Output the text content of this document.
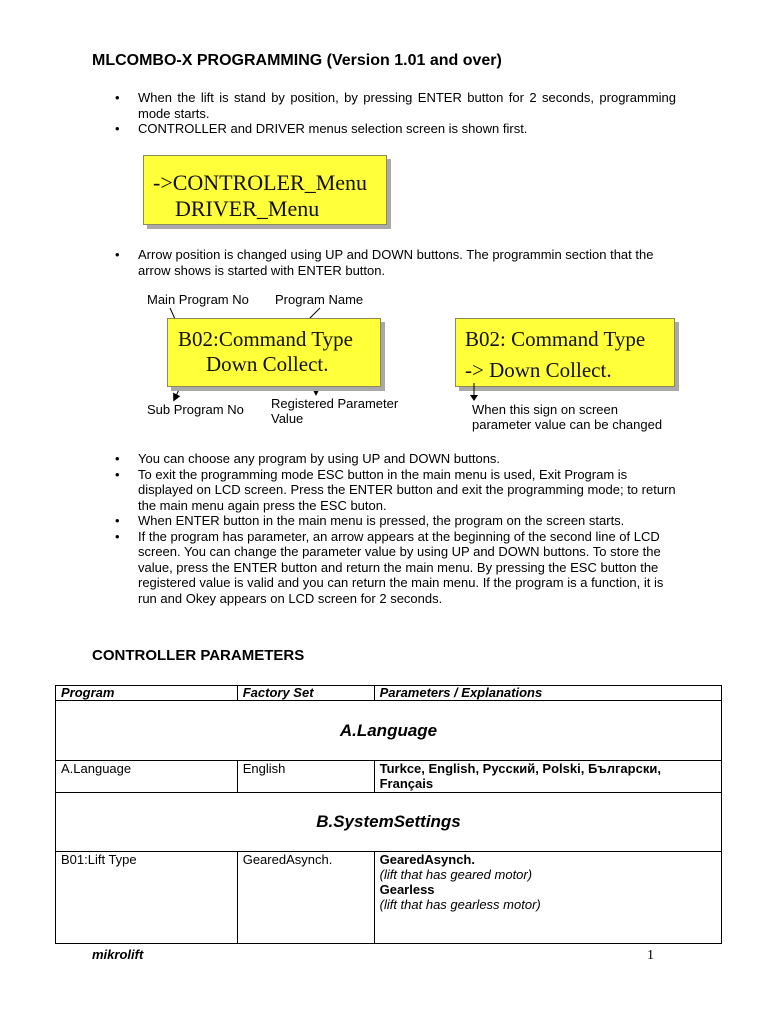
MLCOMBO-X PROGRAMMING (Version 1.01 and over)
• When the lift is stand by position, by pressing ENTER button for 2 seconds, programming mode starts.
• CONTROLLER and DRIVER menus selection screen is shown first.
->CONTROLER_Menu
DRIVER_Menu
• Arrow position is changed using UP and DOWN buttons. The programmin section that the arrow shows is started with ENTER button.
Main Program No Program Name
B02:Command Type
Down Collect.
Sub Program No Registered Parameter
Value
B02: Command Type
-> Down Collect.
When this sign on screen
parameter value can be changed
• You can choose any program by using UP and DOWN buttons.
• To exit the programming mode ESC button in the main menu is used, Exit Program is displayed on LCD screen. Press the ENTER button and exit the programming mode; to return the main menu again press the ESC buton.
• When ENTER button in the main menu is pressed, the program on the screen starts.
• If the program has parameter, an arrow appears at the beginning of the second line of LCD screen. You can change the parameter value by using UP and DOWN buttons. To store the value, press the ENTER button and return the main menu. By pressing the ESC button the registered value is valid and you can return the main menu. If the program is a function, it is run and Okey appears on LCD screen for 2 seconds.
CONTROLLER PARAMETERS
Program	Factory Set	Parameters / Explanations
A.Language		
A.Language	English	Turkce, English, Русский, Polski, Български, Français
B.SystemSettings		
B01:Lift Type	GearedAsynch.	GearedAsynch.
(lift that has geared motor)
Gearless
(lift that has gearless motor)
mikrolift	1
